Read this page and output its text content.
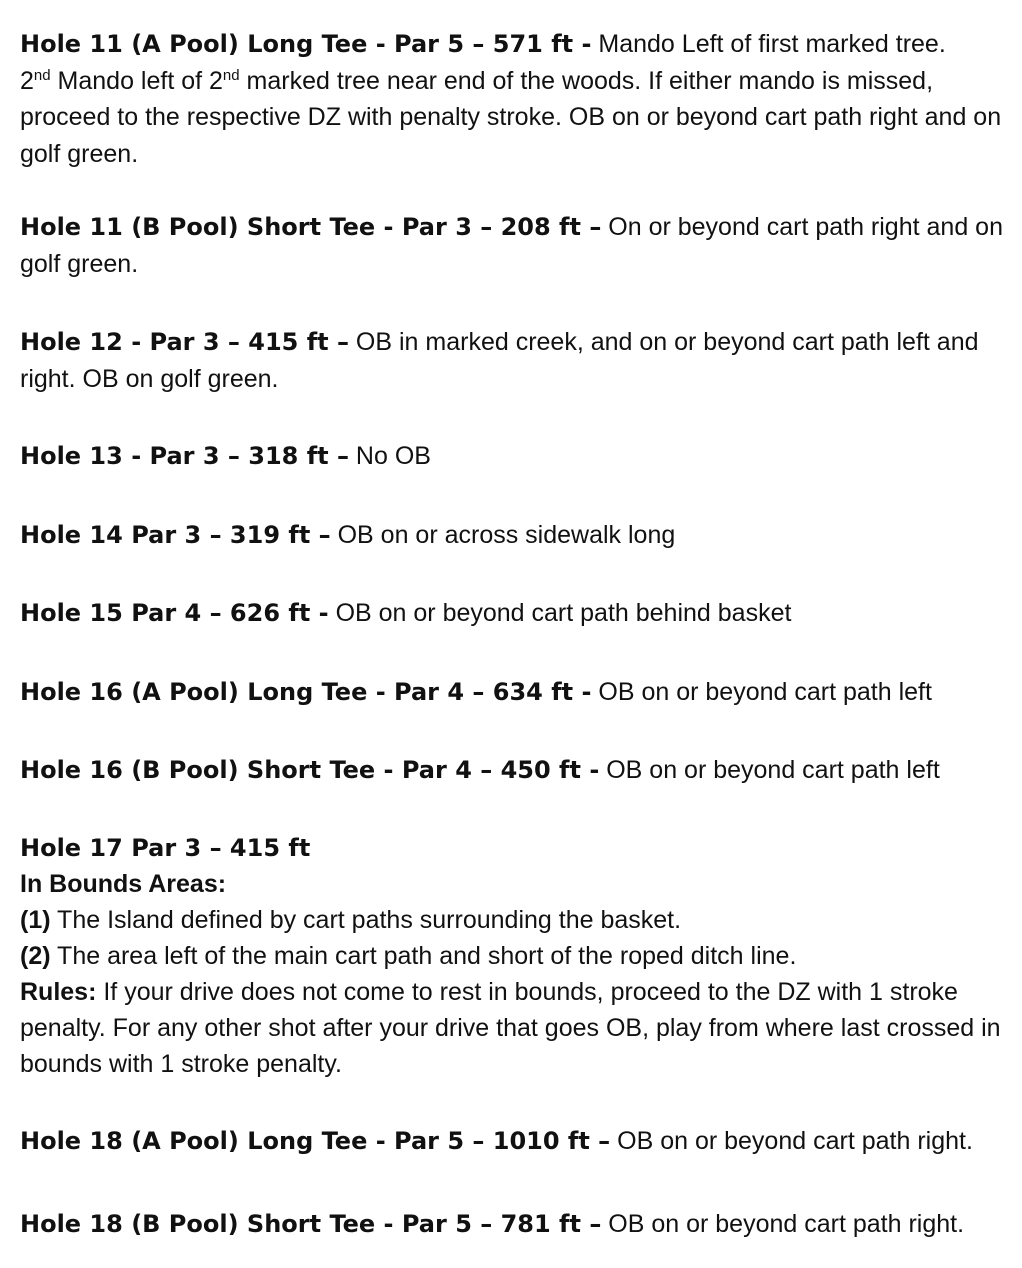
Hole 11 (A Pool) Long Tee - Par 5 – 571 ft - Mando Left of first marked tree.
2nd Mando left of 2nd marked tree near end of the woods. If either mando is missed, proceed to the respective DZ with penalty stroke. OB on or beyond cart path right and on golf green.

Hole 11 (B Pool) Short Tee - Par 3 – 208 ft – On or beyond cart path right and on golf green.

Hole 12 - Par 3 – 415 ft – OB in marked creek, and on or beyond cart path left and right. OB on golf green.

Hole 13 - Par 3 – 318 ft – No OB

Hole 14 Par 3 – 319 ft – OB on or across sidewalk long

Hole 15 Par 4 – 626 ft - OB on or beyond cart path behind basket

Hole 16 (A Pool) Long Tee - Par 4 – 634 ft - OB on or beyond cart path left

Hole 16 (B Pool) Short Tee - Par 4 – 450 ft - OB on or beyond cart path left

Hole 17 Par 3 – 415 ft
In Bounds Areas:
(1) The Island defined by cart paths surrounding the basket.
(2) The area left of the main cart path and short of the roped ditch line.
Rules: If your drive does not come to rest in bounds, proceed to the DZ with 1 stroke penalty. For any other shot after your drive that goes OB, play from where last crossed in bounds with 1 stroke penalty.

Hole 18 (A Pool) Long Tee - Par 5 – 1010 ft – OB on or beyond cart path right.

Hole 18 (B Pool) Short Tee - Par 5 – 781 ft – OB on or beyond cart path right.
